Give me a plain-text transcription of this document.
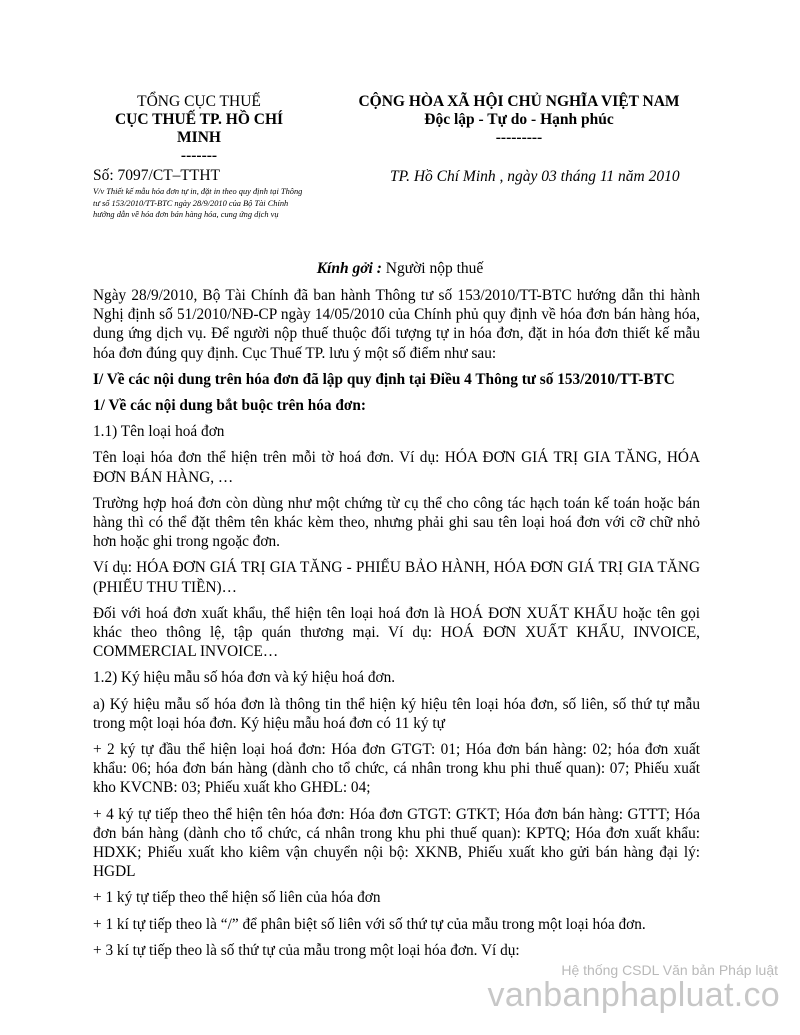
TỔNG CỤC THUẾ
CỤC THUẾ TP. HỒ CHÍ
MINH
-------
CỘNG HÒA XÃ HỘI CHỦ NGHĨA VIỆT NAM
Độc lập - Tự do - Hạnh phúc
---------
Số: 7097/CT–TTHT
V/v Thiết kế mẫu hóa đơn tự in, đặt in theo quy định tại Thông tư số 153/2010/TT-BTC ngày 28/9/2010 của Bộ Tài Chính hướng dẫn về hóa đơn bán hàng hóa, cung ứng dịch vụ
TP. Hồ Chí Minh , ngày 03 tháng 11 năm 2010
Kính gởi : Người nộp thuế

Ngày 28/9/2010, Bộ Tài Chính đã ban hành Thông tư số 153/2010/TT-BTC hướng dẫn thi hành Nghị định số 51/2010/NĐ-CP ngày 14/05/2010 của Chính phủ quy định về hóa đơn bán hàng hóa, dung ứng dịch vụ. Để người nộp thuế thuộc đối tượng tự in hóa đơn, đặt in hóa đơn thiết kế mẫu hóa đơn đúng quy định. Cục Thuế TP. lưu ý một số điểm như sau:

I/ Về các nội dung trên hóa đơn đã lập quy định tại Điều 4 Thông tư số 153/2010/TT-BTC

1/ Về các nội dung bắt buộc trên hóa đơn:

1.1) Tên loại hoá đơn

Tên loại hóa đơn thể hiện trên mỗi tờ hoá đơn. Ví dụ: HÓA ĐƠN GIÁ TRỊ GIA TĂNG, HÓA ĐƠN BÁN HÀNG, …

Trường hợp hoá đơn còn dùng như một chứng từ cụ thể cho công tác hạch toán kế toán hoặc bán hàng thì có thể đặt thêm tên khác kèm theo, nhưng phải ghi sau tên loại hoá đơn với cỡ chữ nhỏ hơn hoặc ghi trong ngoặc đơn.

Ví dụ: HÓA ĐƠN GIÁ TRỊ GIA TĂNG - PHIẾU BẢO HÀNH, HÓA ĐƠN GIÁ TRỊ GIA TĂNG (PHIẾU THU TIỀN)…

Đối với hoá đơn xuất khẩu, thể hiện tên loại hoá đơn là HOÁ ĐƠN XUẤT KHẨU hoặc tên gọi khác theo thông lệ, tập quán thương mại. Ví dụ: HOÁ ĐƠN XUẤT KHẨU, INVOICE, COMMERCIAL INVOICE…

1.2) Ký hiệu mẫu số hóa đơn và ký hiệu hoá đơn.

a) Ký hiệu mẫu số hóa đơn là thông tin thể hiện ký hiệu tên loại hóa đơn, số liên, số thứ tự mẫu trong một loại hóa đơn. Ký hiệu mẫu hoá đơn có 11 ký tự

+ 2 ký tự đầu thể hiện loại hoá đơn: Hóa đơn GTGT: 01; Hóa đơn bán hàng: 02; hóa đơn xuất khẩu: 06; hóa đơn bán hàng (dành cho tổ chức, cá nhân trong khu phi thuế quan): 07; Phiếu xuất kho KVCNB: 03; Phiếu xuất kho GHĐL: 04;

+ 4 ký tự tiếp theo thể hiện tên hóa đơn: Hóa đơn GTGT: GTKT; Hóa đơn bán hàng: GTTT; Hóa đơn bán hàng (dành cho tổ chức, cá nhân trong khu phi thuế quan): KPTQ; Hóa đơn xuất khẩu: HDXK; Phiếu xuất kho kiêm vận chuyển nội bộ: XKNB, Phiếu xuất kho gửi bán hàng đại lý: HGDL

+ 1 ký tự tiếp theo thể hiện số liên của hóa đơn

+ 1 kí tự tiếp theo là “/” để phân biệt số liên với số thứ tự của mẫu trong một loại hóa đơn.

+ 3 kí tự tiếp theo là số thứ tự của mẫu trong một loại hóa đơn. Ví dụ:

Hệ thống CSDL Văn bản Pháp luật
vanbanphapluat.co
